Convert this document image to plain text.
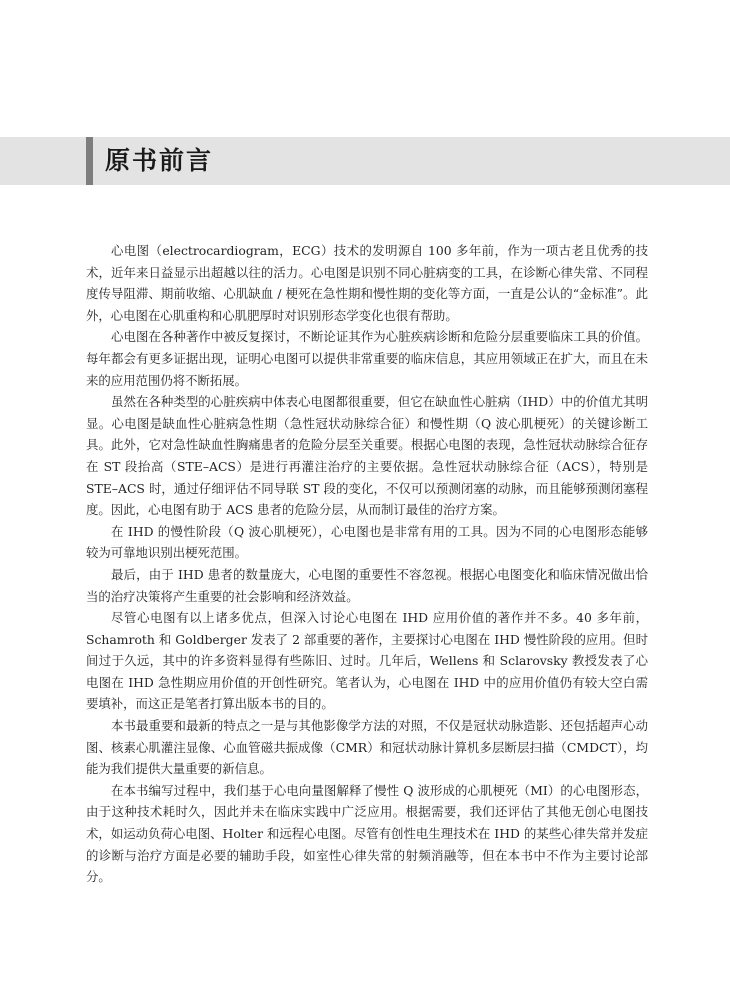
原书前言

心电图（electrocardiogram，ECG）技术的发明源自 100 多年前，作为一项古老且优秀的技术，近年来日益显示出超越以往的活力。心电图是识别不同心脏病变的工具，在诊断心律失常、不同程度传导阻滞、期前收缩、心肌缺血 / 梗死在急性期和慢性期的变化等方面，一直是公认的“金标准”。此外，心电图在心肌重构和心肌肥厚时对识别形态学变化也很有帮助。

心电图在各种著作中被反复探讨，不断论证其作为心脏疾病诊断和危险分层重要临床工具的价值。每年都会有更多证据出现，证明心电图可以提供非常重要的临床信息，其应用领域正在扩大，而且在未来的应用范围仍将不断拓展。

虽然在各种类型的心脏疾病中体表心电图都很重要，但它在缺血性心脏病（IHD）中的价值尤其明显。心电图是缺血性心脏病急性期（急性冠状动脉综合征）和慢性期（Q 波心肌梗死）的关键诊断工具。此外，它对急性缺血性胸痛患者的危险分层至关重要。根据心电图的表现，急性冠状动脉综合征存在 ST 段抬高（STE–ACS）是进行再灌注治疗的主要依据。急性冠状动脉综合征（ACS），特别是 STE–ACS 时，通过仔细评估不同导联 ST 段的变化，不仅可以预测闭塞的动脉，而且能够预测闭塞程度。因此，心电图有助于 ACS 患者的危险分层，从而制订最佳的治疗方案。

在 IHD 的慢性阶段（Q 波心肌梗死），心电图也是非常有用的工具。因为不同的心电图形态能够较为可靠地识别出梗死范围。

最后，由于 IHD 患者的数量庞大，心电图的重要性不容忽视。根据心电图变化和临床情况做出恰当的治疗决策将产生重要的社会影响和经济效益。

尽管心电图有以上诸多优点，但深入讨论心电图在 IHD 应用价值的著作并不多。40 多年前，Schamroth 和 Goldberger 发表了 2 部重要的著作，主要探讨心电图在 IHD 慢性阶段的应用。但时间过于久远，其中的许多资料显得有些陈旧、过时。几年后，Wellens 和 Sclarovsky 教授发表了心电图在 IHD 急性期应用价值的开创性研究。笔者认为，心电图在 IHD 中的应用价值仍有较大空白需要填补，而这正是笔者打算出版本书的目的。

本书最重要和最新的特点之一是与其他影像学方法的对照，不仅是冠状动脉造影、还包括超声心动图、核素心肌灌注显像、心血管磁共振成像（CMR）和冠状动脉计算机多层断层扫描（CMDCT），均能为我们提供大量重要的新信息。

在本书编写过程中，我们基于心电向量图解释了慢性 Q 波形成的心肌梗死（MI）的心电图形态，由于这种技术耗时久，因此并未在临床实践中广泛应用。根据需要，我们还评估了其他无创心电图技术，如运动负荷心电图、Holter 和远程心电图。尽管有创性电生理技术在 IHD 的某些心律失常并发症的诊断与治疗方面是必要的辅助手段，如室性心律失常的射频消融等，但在本书中不作为主要讨论部分。
